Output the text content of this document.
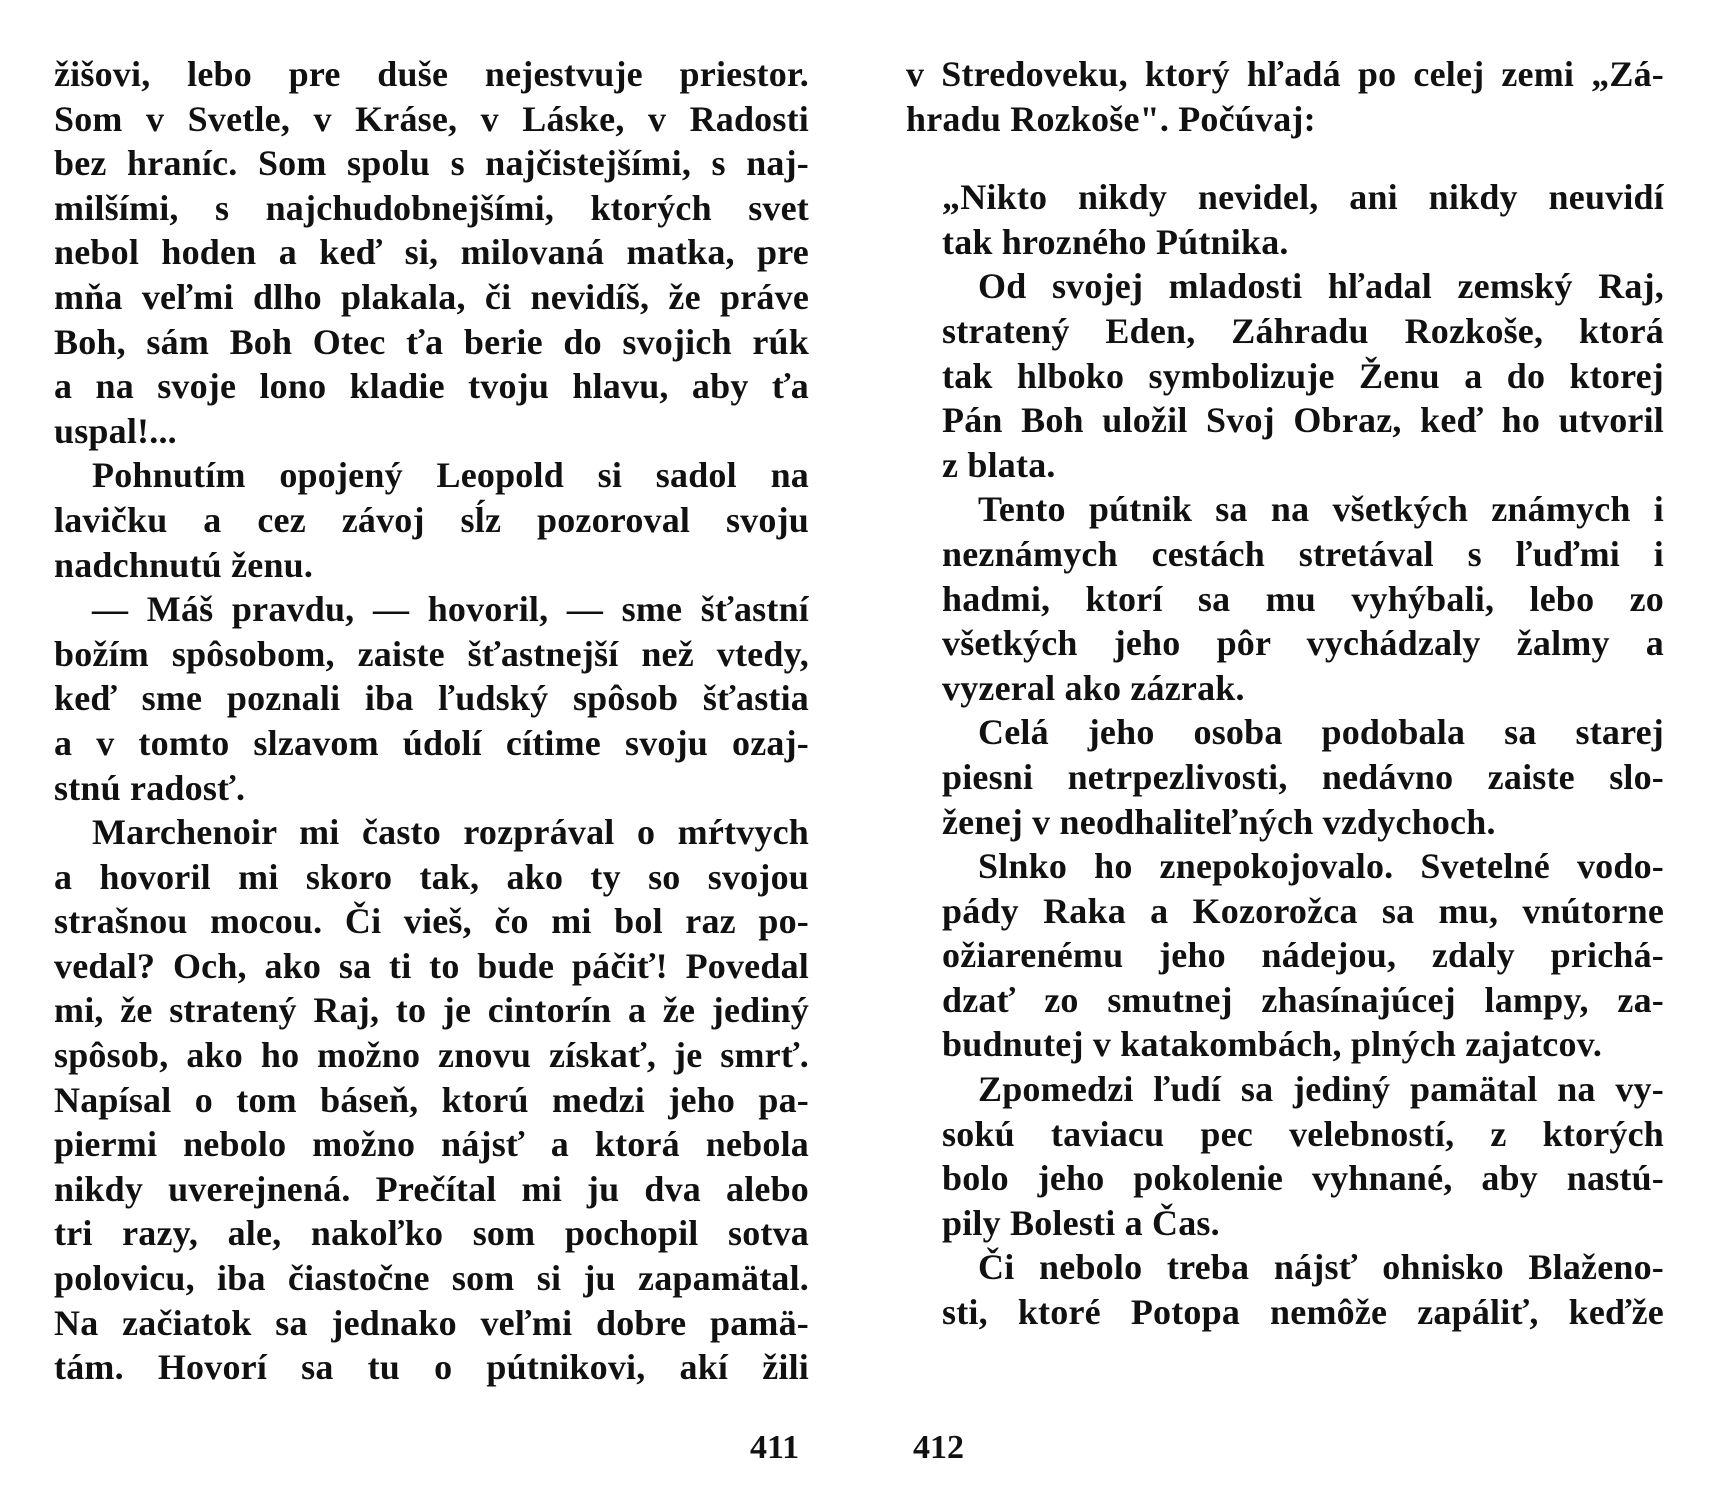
žišovi, lebo pre duše nejestvuje priestor.
Som v Svetle, v Kráse, v Láske, v Radosti
bez hraníc. Som spolu s najčistejšími, s naj-
milšími, s najchudobnejšími, ktorých svet
nebol hoden a keď si, milovaná matka, pre
mňa veľmi dlho plakala, či nevidíš, že práve
Boh, sám Boh Otec ťa berie do svojich rúk
a na svoje lono kladie tvoju hlavu, aby ťa
uspal!...
Pohnutím opojený Leopold si sadol na
lavičku a cez závoj sĺz pozoroval svoju
nadchnutú ženu.
— Máš pravdu, — hovoril, — sme šťastní
božím spôsobom, zaiste šťastnejší než vtedy,
keď sme poznali iba ľudský spôsob šťastia
a v tomto slzavom údolí cítime svoju ozaj-
stnú radosť.
Marchenoir mi často rozprával o mŕtvych
a hovoril mi skoro tak, ako ty so svojou
strašnou mocou. Či vieš, čo mi bol raz po-
vedal? Och, ako sa ti to bude páčiť! Povedal
mi, že stratený Raj, to je cintorín a že jediný
spôsob, ako ho možno znovu získať, je smrť.
Napísal o tom báseň, ktorú medzi jeho pa-
piermi nebolo možno nájsť a ktorá nebola
nikdy uverejnená. Prečítal mi ju dva alebo
tri razy, ale, nakoľko som pochopil sotva
polovicu, iba čiastočne som si ju zapamätal.
Na začiatok sa jednako veľmi dobre pamä-
tám. Hovorí sa tu o pútnikovi, akí žili
411
v Stredoveku, ktorý hľadá po celej zemi „Zá-
hradu Rozkoše". Počúvaj:
„Nikto nikdy nevidel, ani nikdy neuvidí
tak hrozného Pútnika.
Od svojej mladosti hľadal zemský Raj,
stratený Eden, Záhradu Rozkoše, ktorá
tak hlboko symbolizuje Ženu a do ktorej
Pán Boh uložil Svoj Obraz, keď ho utvoril
z blata.
Tento pútnik sa na všetkých známych i
neznámych cestách stretával s ľuďmi i
hadmi, ktorí sa mu vyhýbali, lebo zo
všetkých jeho pôr vychádzaly žalmy a
vyzeral ako zázrak.
Celá jeho osoba podobala sa starej
piesni netrpezlivosti, nedávno zaiste slo-
ženej v neodhaliteľných vzdychoch.
Slnko ho znepokojovalo. Svetelné vodo-
pády Raka a Kozorožca sa mu, vnútorne
ožiarenému jeho nádejou, zdaly prichá-
dzať zo smutnej zhasínajúcej lampy, za-
budnutej v katakombách, plných zajatcov.
Zpomedzi ľudí sa jediný pamätal na vy-
sokú taviacu pec velebností, z ktorých
bolo jeho pokolenie vyhnané, aby nastú-
pily Bolesti a Čas.
Či nebolo treba nájsť ohnisko Blaženo-
sti, ktoré Potopa nemôže zapáliť, keďže
412
